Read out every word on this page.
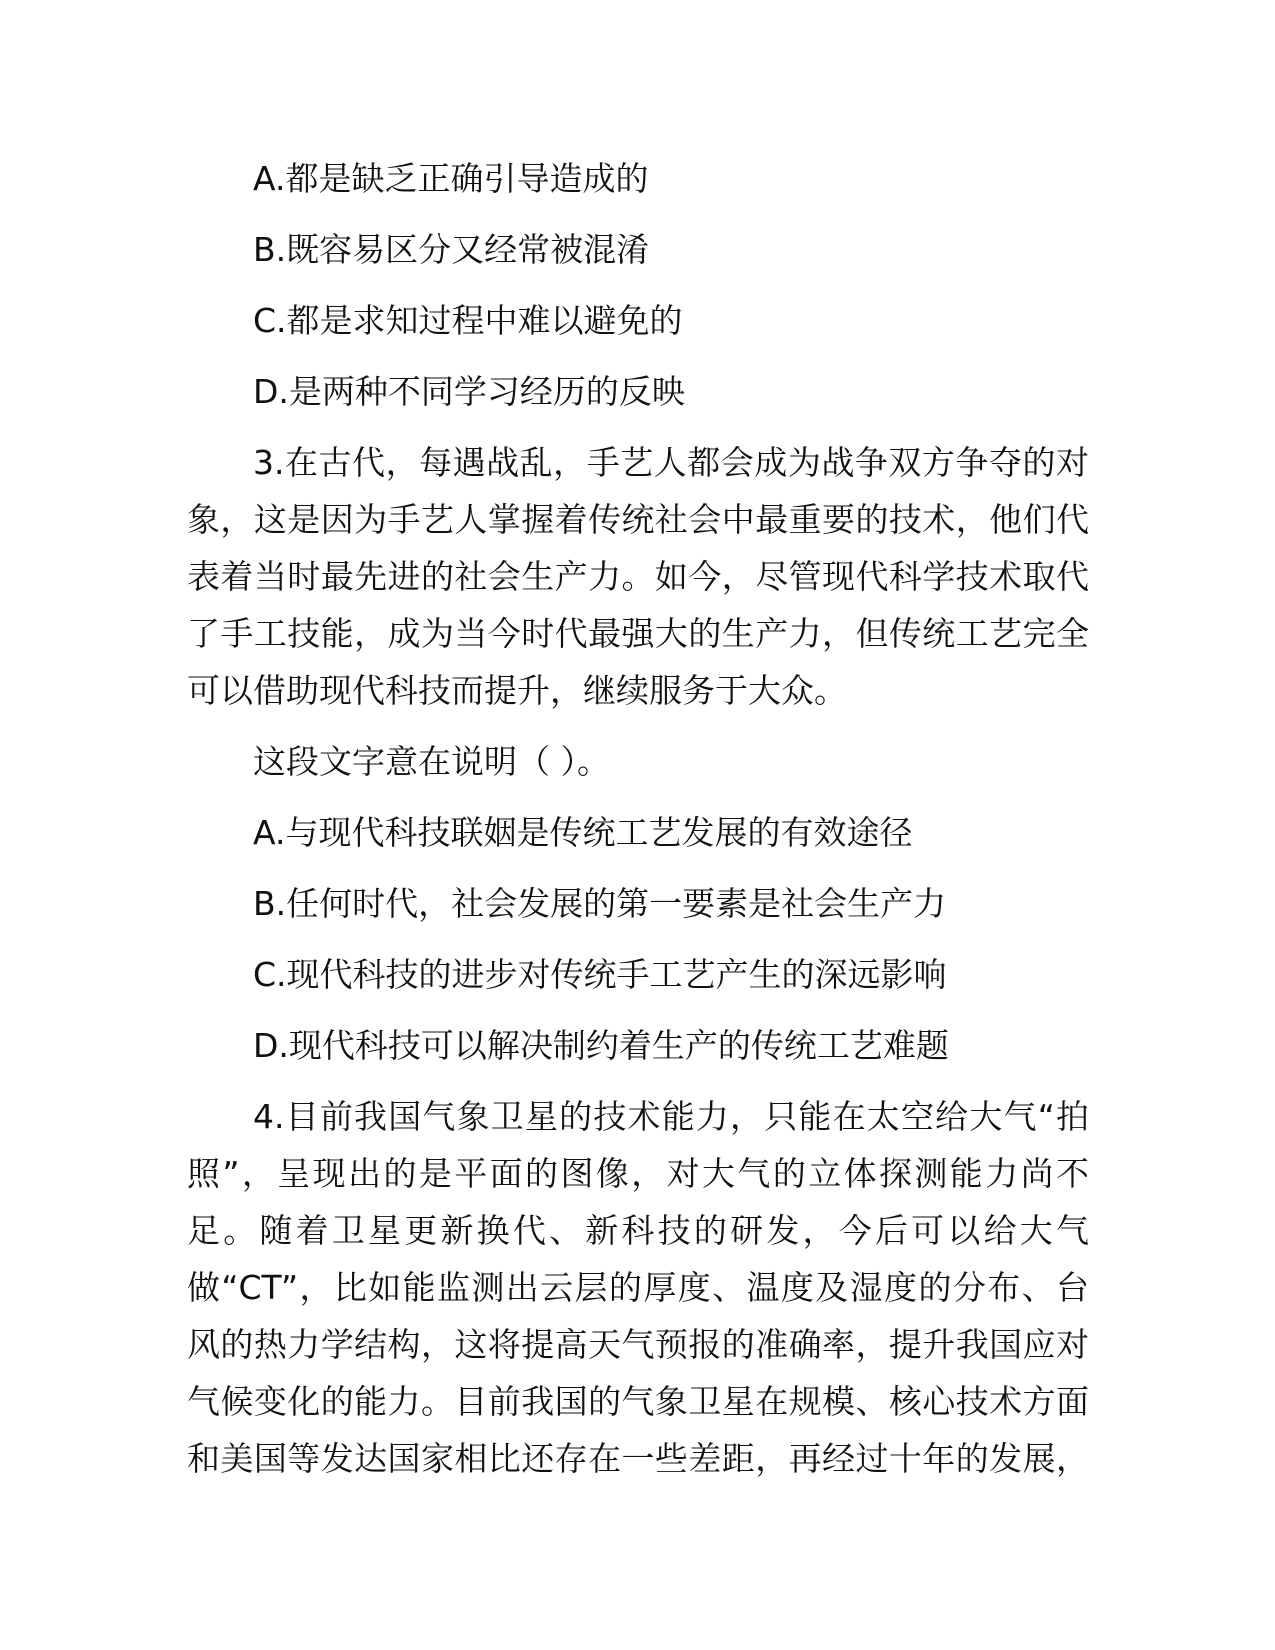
A.都是缺乏正确引导造成的

B.既容易区分又经常被混淆

C.都是求知过程中难以避免的

D.是两种不同学习经历的反映

3.在古代，每遇战乱，手艺人都会成为战争双方争夺的对

象，这是因为手艺人掌握着传统社会中最重要的技术，他们代

表着当时最先进的社会生产力。如今，尽管现代科学技术取代

了手工技能，成为当今时代最强大的生产力，但传统工艺完全

可以借助现代科技而提升，继续服务于大众。

这段文字意在说明（ ）。

A.与现代科技联姻是传统工艺发展的有效途径

B.任何时代，社会发展的第一要素是社会生产力

C.现代科技的进步对传统手工艺产生的深远影响

D.现代科技可以解决制约着生产的传统工艺难题

4.目前我国气象卫星的技术能力，只能在太空给大气“拍

照”，呈现出的是平面的图像，对大气的立体探测能力尚不

足。随着卫星更新换代、新科技的研发，今后可以给大气

做“CT”，比如能监测出云层的厚度、温度及湿度的分布、台

风的热力学结构，这将提高天气预报的准确率，提升我国应对

气候变化的能力。目前我国的气象卫星在规模、核心技术方面

和美国等发达国家相比还存在一些差距，再经过十年的发展，
